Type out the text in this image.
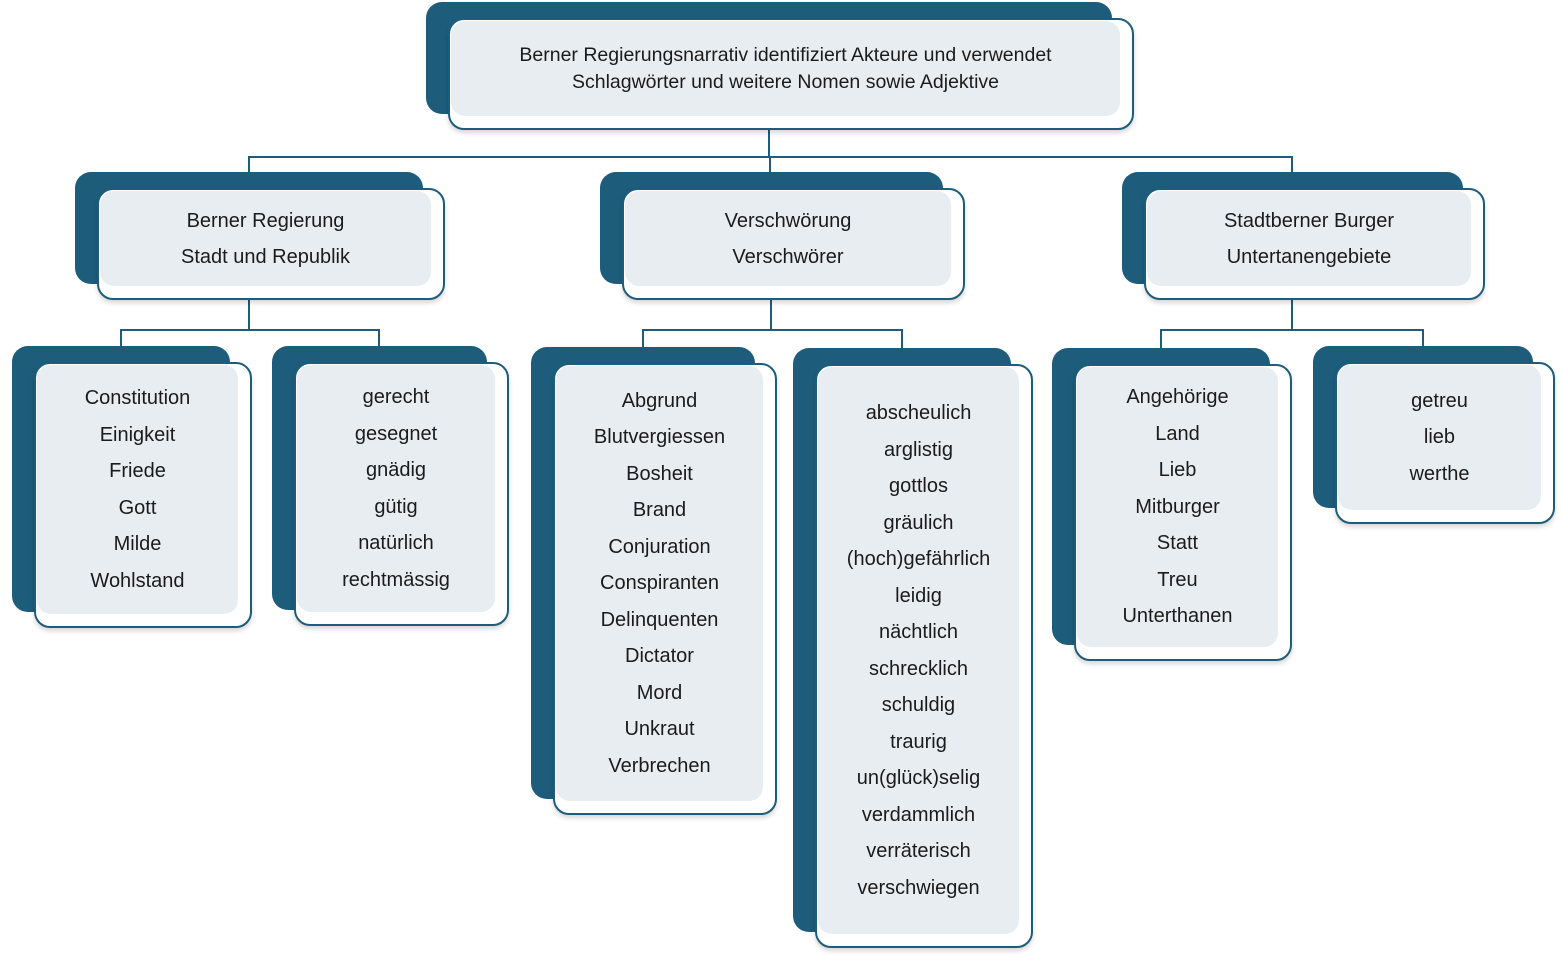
Berner Regierungsnarrativ identifiziert Akteure und verwendet Schlagwörter und weitere Nomen sowie Adjektive
Berner Regierung
Stadt und Republik
Verschwörung
Verschwörer
Stadtberner Burger
Untertanengebiete
Constitution
Einigkeit
Friede
Gott
Milde
Wohlstand
gerecht
gesegnet
gnädig
gütig
natürlich
rechtmässig
Abgrund
Blutvergiessen
Bosheit
Brand
Conjuration
Conspiranten
Delinquenten
Dictator
Mord
Unkraut
Verbrechen
abscheulich
arglistig
gottlos
gräulich
(hoch)gefährlich
leidig
nächtlich
schrecklich
schuldig
traurig
un(glück)selig
verdammlich
verräterisch
verschwiegen
Angehörige
Land
Lieb
Mitburger
Statt
Treu
Unterthanen
getreu
lieb
werthe
